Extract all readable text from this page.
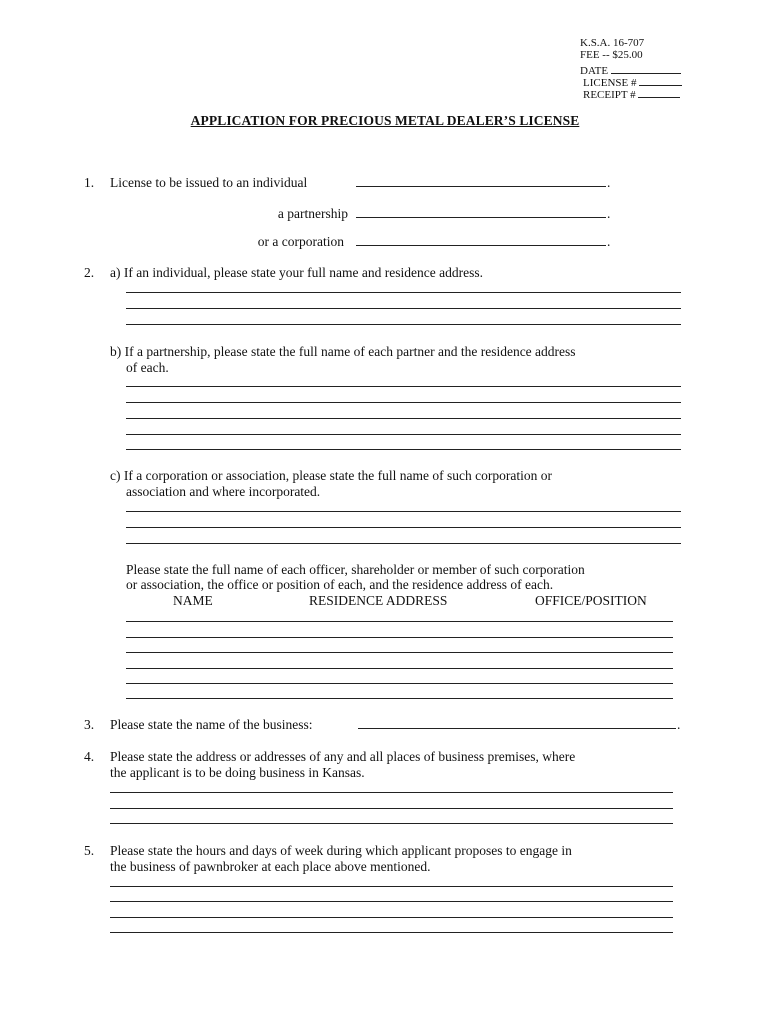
K.S.A. 16-707
FEE -- $25.00
DATE
LICENSE #
RECEIPT #
APPLICATION FOR PRECIOUS METAL DEALER’S LICENSE
1. License to be issued to an individual	.
a partnership	.
or a corporation	.
2. a) If an individual, please state your full name and residence address.
b) If a partnership, please state the full name of each partner and the residence address
of each.
c) If a corporation or association, please state the full name of such corporation or
association and where incorporated.
Please state the full name of each officer, shareholder or member of such corporation
or association, the office or position of each, and the residence address of each.
NAME	RESIDENCE ADDRESS	OFFICE/POSITION
3. Please state the name of the business:	.
4. Please state the address or addresses of any and all places of business premises, where
the applicant is to be doing business in Kansas.
5. Please state the hours and days of week during which applicant proposes to engage in
the business of pawnbroker at each place above mentioned.
